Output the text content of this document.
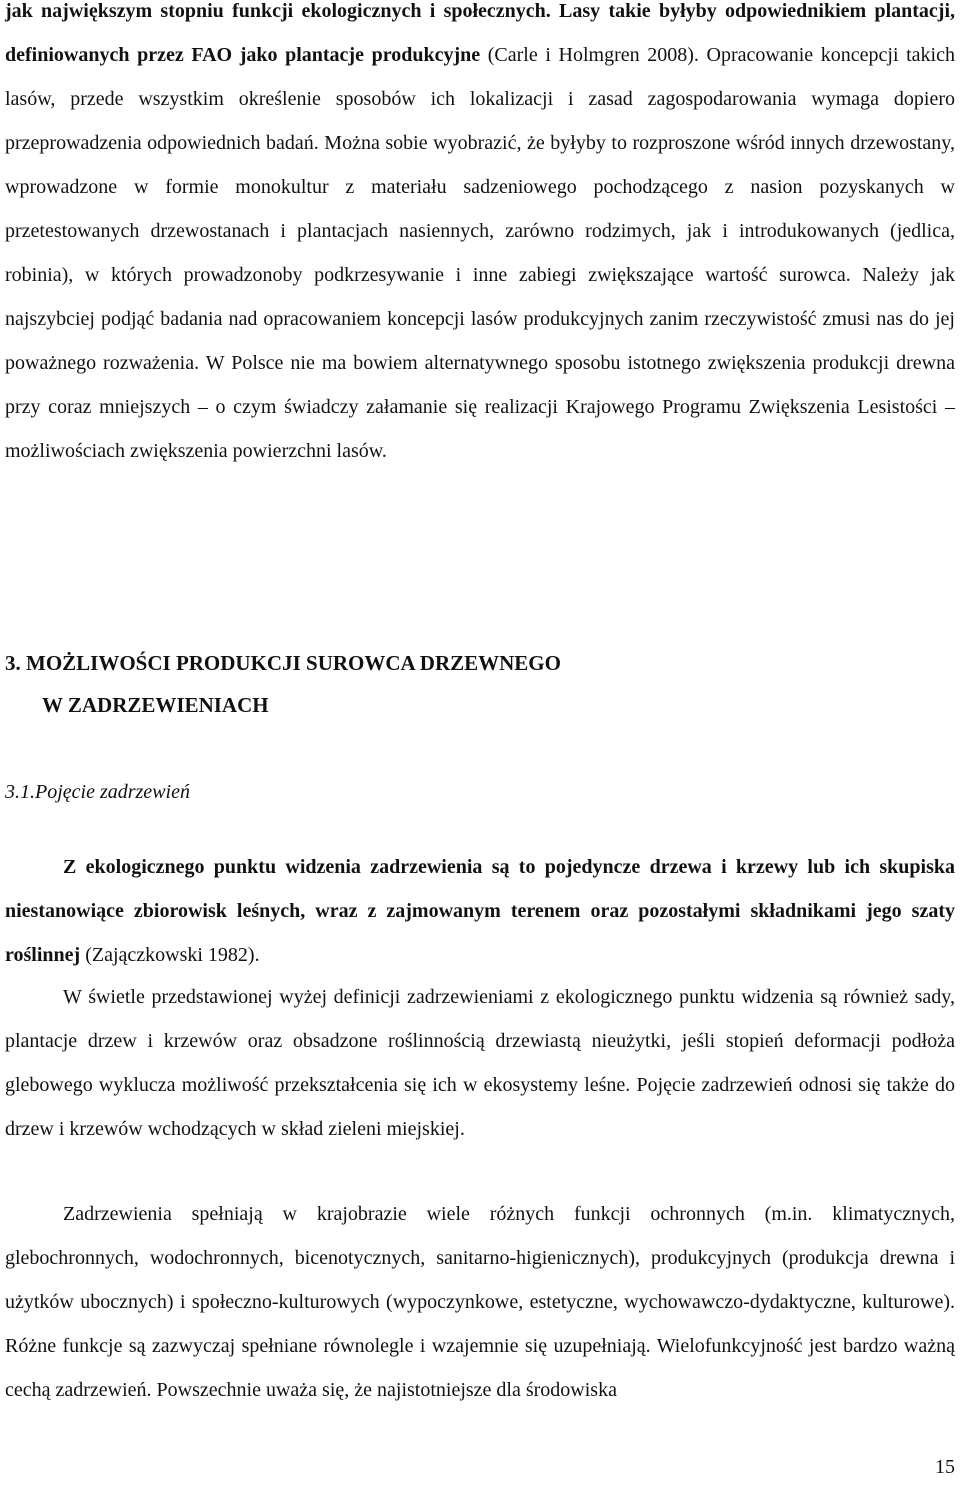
jak największym stopniu funkcji ekologicznych i społecznych. Lasy takie byłyby odpowiednikiem plantacji, definiowanych przez FAO jako plantacje produkcyjne (Carle i Holmgren 2008). Opracowanie koncepcji takich lasów, przede wszystkim określenie sposobów ich lokalizacji i zasad zagospodarowania wymaga dopiero przeprowadzenia odpowiednich badań. Można sobie wyobrazić, że byłyby to rozproszone wśród innych drzewostany, wprowadzone w formie monokultur z materiału sadzeniowego pochodzącego z nasion pozyskanych w przetestowanych drzewostanach i plantacjach nasiennych, zarówno rodzimych, jak i introdukowanych (jedlica, robinia), w których prowadzonoby podkrzesywanie i inne zabiegi zwiększające wartość surowca. Należy jak najszybciej podjąć badania nad opracowaniem koncepcji lasów produkcyjnych zanim rzeczywistość zmusi nas do jej poważnego rozważenia. W Polsce nie ma bowiem alternatywnego sposobu istotnego zwiększenia produkcji drewna przy coraz mniejszych – o czym świadczy załamanie się realizacji Krajowego Programu Zwiększenia Lesistości – możliwościach zwiększenia powierzchni lasów.

3. MOŻLIWOŚCI PRODUKCJI SUROWCA DRZEWNEGO
W ZADRZEWIENIACH

3.1.Pojęcie zadrzewień

Z ekologicznego punktu widzenia zadrzewienia są to pojedyncze drzewa i krzewy lub ich skupiska niestanowiące zbiorowisk leśnych, wraz z zajmowanym terenem oraz pozostałymi składnikami jego szaty roślinnej (Zajączkowski 1982).

W świetle przedstawionej wyżej definicji zadrzewieniami z ekologicznego punktu widzenia są również sady, plantacje drzew i krzewów oraz obsadzone roślinnością drzewiastą nieużytki, jeśli stopień deformacji podłoża glebowego wyklucza możliwość przekształcenia się ich w ekosystemy leśne. Pojęcie zadrzewień odnosi się także do drzew i krzewów wchodzących w skład zieleni miejskiej.

Zadrzewienia spełniają w krajobrazie wiele różnych funkcji ochronnych (m.in. klimatycznych, glebochronnych, wodochronnych, bicenotycznych, sanitarno-higienicznych), produkcyjnych (produkcja drewna i użytków ubocznych) i społeczno-kulturowych (wypoczynkowe, estetyczne, wychowawczo-dydaktyczne, kulturowe). Różne funkcje są zazwyczaj spełniane równolegle i wzajemnie się uzupełniają. Wielofunkcyjność jest bardzo ważną cechą zadrzewień. Powszechnie uważa się, że najistotniejsze dla środowiska

15
